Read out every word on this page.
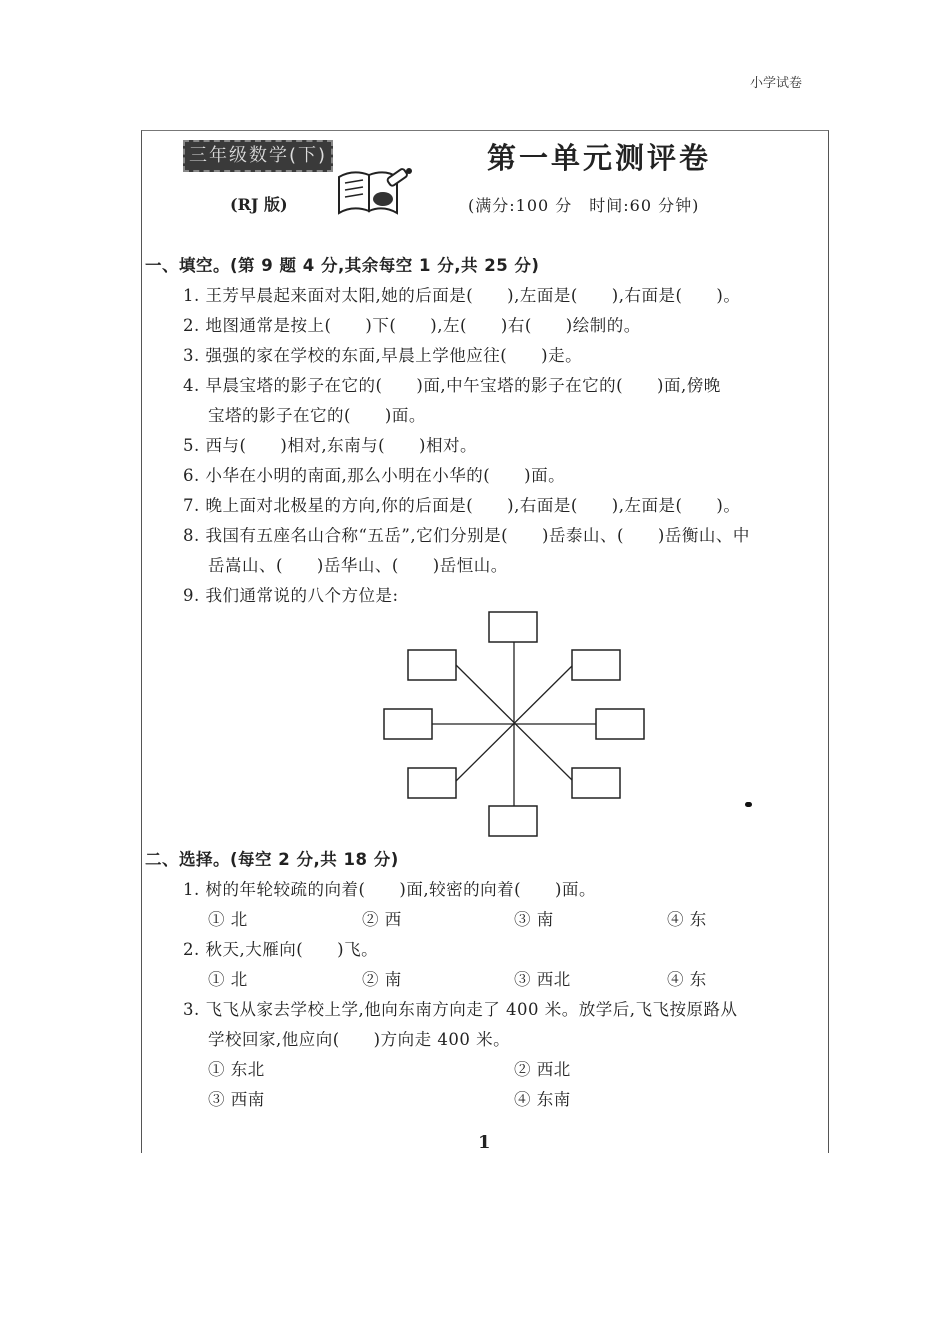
小学试卷
三年级数学(下)
(RJ 版)
第一单元测评卷
(满分:100 分　时间:60 分钟)
一、填空。(第 9 题 4 分,其余每空 1 分,共 25 分)
1. 王芳早晨起来面对太阳,她的后面是(　　),左面是(　　),右面是(　　)。
2. 地图通常是按上(　　)下(　　),左(　　)右(　　)绘制的。
3. 强强的家在学校的东面,早晨上学他应往(　　)走。
4. 早晨宝塔的影子在它的(　　)面,中午宝塔的影子在它的(　　)面,傍晚
宝塔的影子在它的(　　)面。
5. 西与(　　)相对,东南与(　　)相对。
6. 小华在小明的南面,那么小明在小华的(　　)面。
7. 晚上面对北极星的方向,你的后面是(　　),右面是(　　),左面是(　　)。
8. 我国有五座名山合称“五岳”,它们分别是(　　)岳泰山、(　　)岳衡山、中
岳嵩山、(　　)岳华山、(　　)岳恒山。
9. 我们通常说的八个方位是:
二、选择。(每空 2 分,共 18 分)
1. 树的年轮较疏的向着(　　)面,较密的向着(　　)面。
① 北	② 西	③ 南	④ 东
2. 秋天,大雁向(　　)飞。
① 北	② 南	③ 西北	④ 东
3. 飞飞从家去学校上学,他向东南方向走了 400 米。放学后,飞飞按原路从
学校回家,他应向(　　)方向走 400 米。
① 东北	② 西北
③ 西南	④ 东南
1
